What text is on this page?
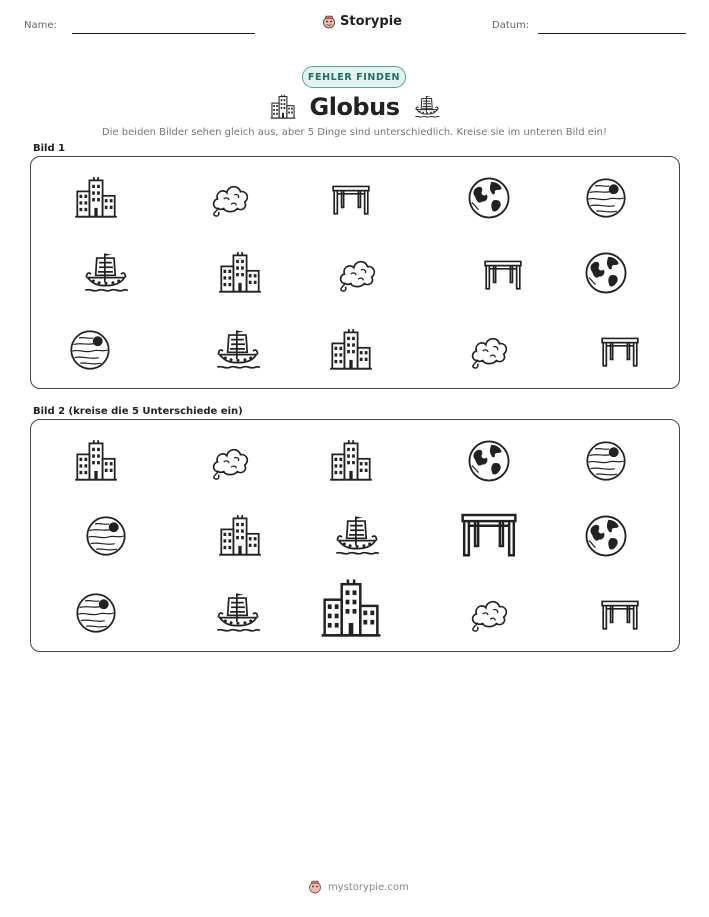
Name:	Storypie	Datum:
FEHLER FINDEN
Globus
Die beiden Bilder sehen gleich aus, aber 5 Dinge sind unterschiedlich. Kreise sie im unteren Bild ein!
Bild 1
Bild 2 (kreise die 5 Unterschiede ein)
mystorypie.com
